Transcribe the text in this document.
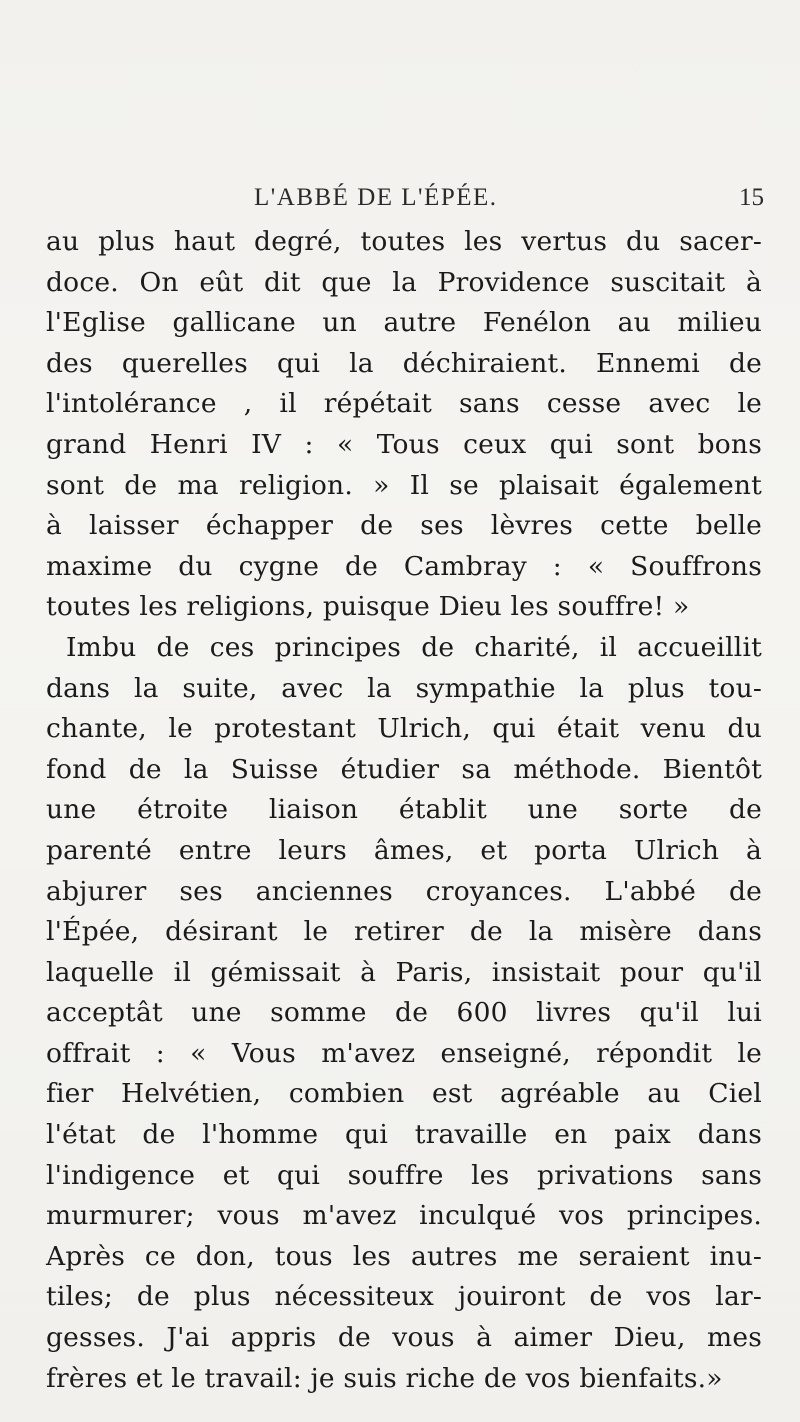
L'ABBÉ DE L'ÉPÉE.	15
au plus haut degré, toutes les vertus du sacer-
doce. On eût dit que la Providence suscitait à
l'Eglise gallicane un autre Fenélon au milieu
des querelles qui la déchiraient. Ennemi de
l'intolérance , il répétait sans cesse avec le
grand Henri IV : « Tous ceux qui sont bons
sont de ma religion. » Il se plaisait également
à laisser échapper de ses lèvres cette belle
maxime du cygne de Cambray : « Souffrons
toutes les religions, puisque Dieu les souffre! »
Imbu de ces principes de charité, il accueillit
dans la suite, avec la sympathie la plus tou-
chante, le protestant Ulrich, qui était venu du
fond de la Suisse étudier sa méthode. Bientôt
une étroite liaison établit une sorte de
parenté entre leurs âmes, et porta Ulrich à
abjurer ses anciennes croyances. L'abbé de
l'Épée, désirant le retirer de la misère dans
laquelle il gémissait à Paris, insistait pour qu'il
acceptât une somme de 600 livres qu'il lui
offrait : « Vous m'avez enseigné, répondit le
fier Helvétien, combien est agréable au Ciel
l'état de l'homme qui travaille en paix dans
l'indigence et qui souffre les privations sans
murmurer; vous m'avez inculqué vos principes.
Après ce don, tous les autres me seraient inu-
tiles; de plus nécessiteux jouiront de vos lar-
gesses. J'ai appris de vous à aimer Dieu, mes
frères et le travail: je suis riche de vos bienfaits.»
